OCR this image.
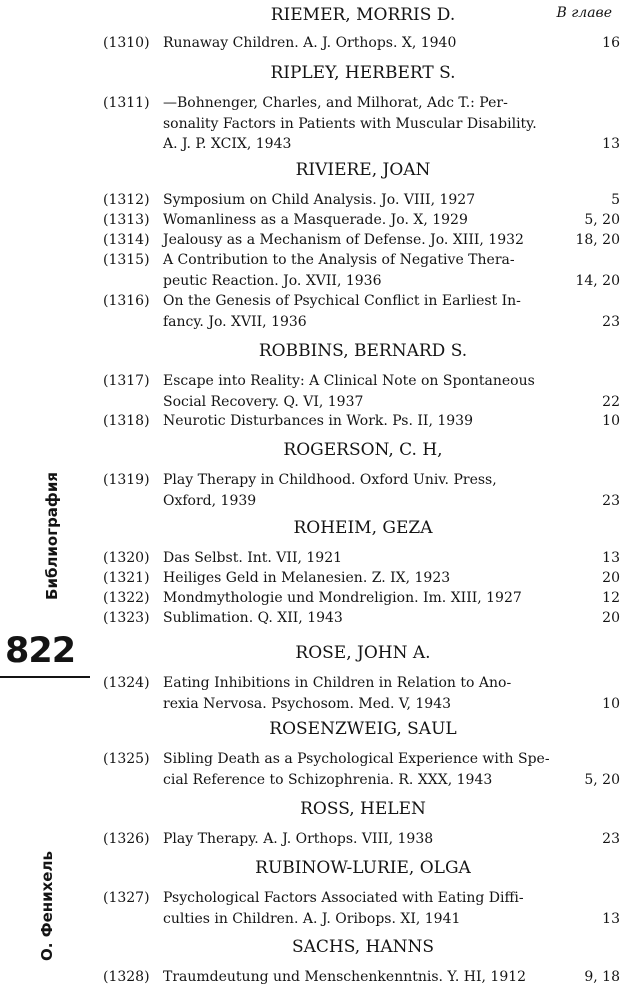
Библиография
822
О. Фенихель
В главе
RIEMER, MORRIS D.
(1310) Runaway Children. A. J. Orthops. X, 1940	16
RIPLEY, HERBERT S.
(1311) —Bohnenger, Charles, and Milhorat, Adc T.: Per-
sonality Factors in Patients with Muscular Disability.
A. J. P. XCIX, 1943	13
RIVIERE, JOAN
(1312) Symposium on Child Analysis. Jo. VIII, 1927	5
(1313) Womanliness as a Masquerade. Jo. X, 1929	5, 20
(1314) Jealousy as a Mechanism of Defense. Jo. XIII, 1932	18, 20
(1315) A Contribution to the Analysis of Negative Thera-
peutic Reaction. Jo. XVII, 1936	14, 20
(1316) On the Genesis of Psychical Conflict in Earliest In-
fancy. Jo. XVII, 1936	23
ROBBINS, BERNARD S.
(1317) Escape into Reality: A Clinical Note on Spontaneous
Social Recovery. Q. VI, 1937	22
(1318) Neurotic Disturbances in Work. Ps. II, 1939	10
ROGERSON, C. H,
(1319) Play Therapy in Childhood. Oxford Univ. Press,
Oxford, 1939	23
ROHEIM, GEZA
(1320) Das Selbst. Int. VII, 1921	13
(1321) Heiliges Geld in Melanesien. Z. IX, 1923	20
(1322) Mondmythologie und Mondreligion. Im. XIII, 1927	12
(1323) Sublimation. Q. XII, 1943	20
ROSE, JOHN A.
(1324) Eating Inhibitions in Children in Relation to Ano-
rexia Nervosa. Psychosom. Med. V, 1943	10
ROSENZWEIG, SAUL
(1325) Sibling Death as a Psychological Experience with Spe-
cial Reference to Schizophrenia. R. XXX, 1943	5, 20
ROSS, HELEN
(1326) Play Therapy. A. J. Orthops. VIII, 1938	23
RUBINOW-LURIE, OLGA
(1327) Psychological Factors Associated with Eating Diffi-
culties in Children. A. J. Oribops. XI, 1941	13
SACHS, HANNS
(1328) Traumdeutung und Menschenkenntnis. Y. HI, 1912	9, 18
